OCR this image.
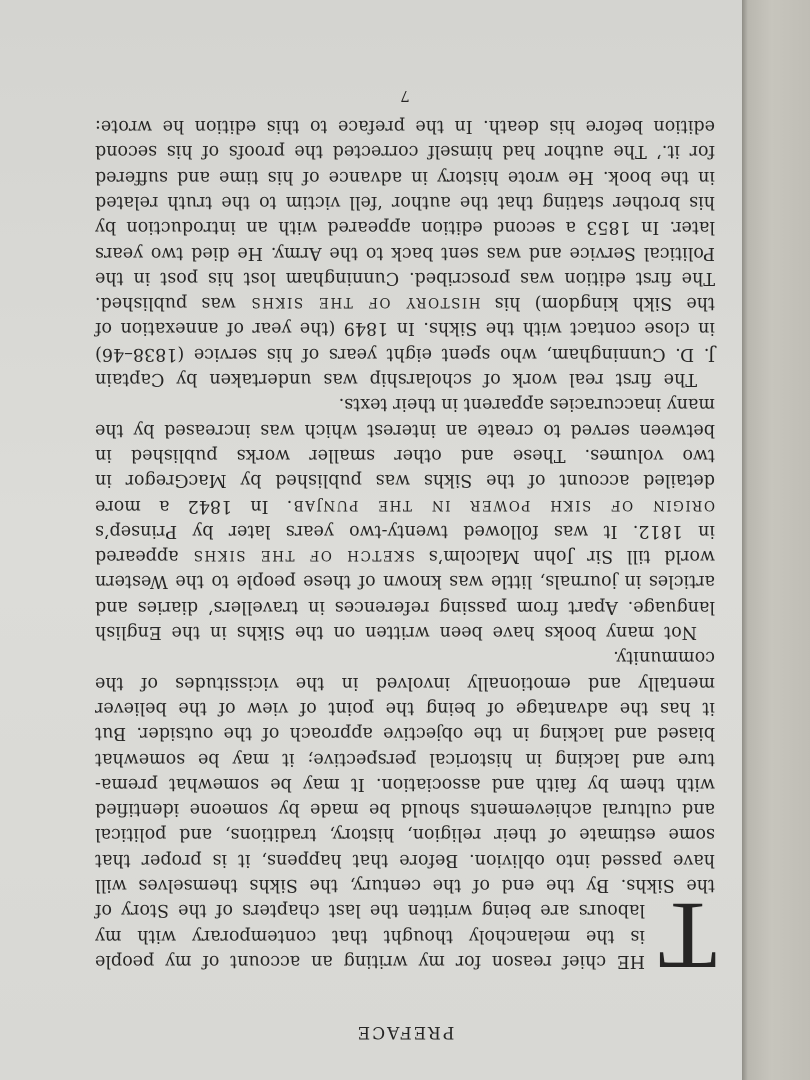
PREFACE
T
7
HE chief reason for my writing an account of my people
is the melancholy thought that contemporary with my
labours are being written the last chapters of the Story of
the Sikhs. By the end of the century, the Sikhs themselves will
have passed into oblivion. Before that happens, it is proper that
some estimate of their religion, history, traditions, and political
and cultural achievements should be made by someone identified
with them by faith and association. It may be somewhat prema-
ture and lacking in historical perspective; it may be somewhat
biased and lacking in the objective approach of the outsider. But
it has the advantage of being the point of view of the believer
mentally and emotionally involved in the vicissitudes of the
community.
Not many books have been written on the Sikhs in the English
language. Apart from passing references in travellers’ diaries and
articles in journals, little was known of these people to the Western
world till Sir John Malcolm’s SKETCH OF THE SIKHS appeared
in 1812. It was followed twenty-two years later by Prinsep’s
ORIGIN OF SIKH POWER IN THE PUNJAB. In 1842 a more
detailed account of the Sikhs was published by MacGregor in
two volumes. These and other smaller works published in
between served to create an interest which was increased by the
many inaccuracies apparent in their texts.
The first real work of scholarship was undertaken by Captain
J. D. Cunningham, who spent eight years of his service (1838–46)
in close contact with the Sikhs. In 1849 (the year of annexation of
the Sikh kingdom) his HISTORY OF THE SIKHS was published.
The first edition was proscribed. Cunningham lost his post in the
Political Service and was sent back to the Army. He died two years
later. In 1853 a second edition appeared with an introduction by
his brother stating that the author ‘fell victim to the truth related
in the book. He wrote history in advance of his time and suffered
for it.’ The author had himself corrected the proofs of his second
edition before his death. In the preface to this edition he wrote:
